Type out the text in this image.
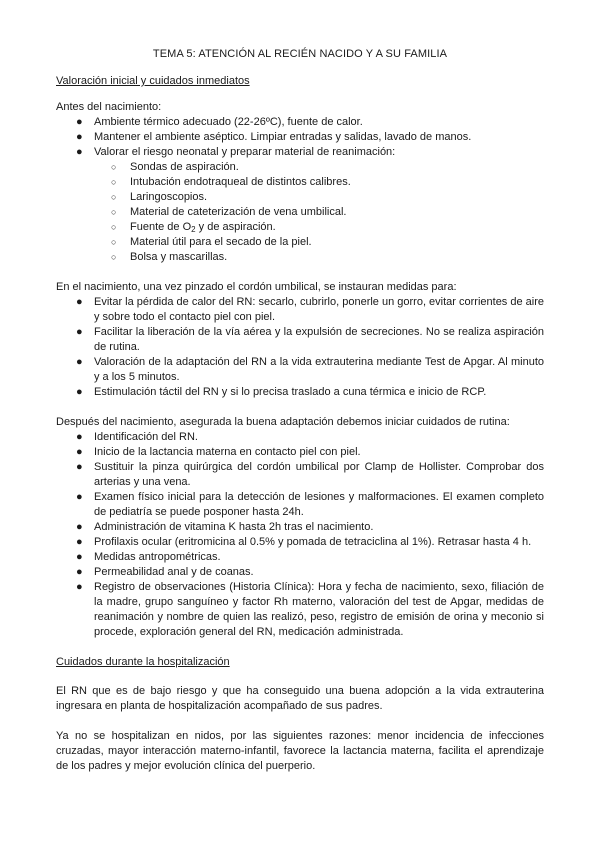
TEMA 5: ATENCIÓN AL RECIÉN NACIDO Y A SU FAMILIA
Valoración inicial y cuidados inmediatos
Antes del nacimiento:
● Ambiente térmico adecuado (22-26ºC), fuente de calor.
● Mantener el ambiente aséptico. Limpiar entradas y salidas, lavado de manos.
● Valorar el riesgo neonatal y preparar material de reanimación:
○ Sondas de aspiración.
○ Intubación endotraqueal de distintos calibres.
○ Laringoscopios.
○ Material de cateterización de vena umbilical.
○ Fuente de $O_2$ y de aspiración.
○ Material útil para el secado de la piel.
○ Bolsa y mascarillas.
En el nacimiento, una vez pinzado el cordón umbilical, se instauran medidas para:
● Evitar la pérdida de calor del RN: secarlo, cubrirlo, ponerle un gorro, evitar corrientes de aire y sobre todo el contacto piel con piel.
● Facilitar la liberación de la vía aérea y la expulsión de secreciones. No se realiza aspiración de rutina.
● Valoración de la adaptación del RN a la vida extrauterina mediante Test de Apgar. Al minuto y a los 5 minutos.
● Estimulación táctil del RN y si lo precisa traslado a cuna térmica e inicio de RCP.
Después del nacimiento, asegurada la buena adaptación debemos iniciar cuidados de rutina:
● Identificación del RN.
● Inicio de la lactancia materna en contacto piel con piel.
● Sustituir la pinza quirúrgica del cordón umbilical por Clamp de Hollister. Comprobar dos arterias y una vena.
● Examen físico inicial para la detección de lesiones y malformaciones. El examen completo de pediatría se puede posponer hasta 24h.
● Administración de vitamina K hasta 2h tras el nacimiento.
● Profilaxis ocular (eritromicina al 0.5% y pomada de tetraciclina al 1%). Retrasar hasta 4 h.
● Medidas antropométricas.
● Permeabilidad anal y de coanas.
● Registro de observaciones (Historia Clínica): Hora y fecha de nacimiento, sexo, filiación de la madre, grupo sanguíneo y factor Rh materno, valoración del test de Apgar, medidas de reanimación y nombre de quien las realizó, peso, registro de emisión de orina y meconio si procede, exploración general del RN, medicación administrada.
Cuidados durante la hospitalización
El RN que es de bajo riesgo y que ha conseguido una buena adopción a la vida extrauterina ingresara en planta de hospitalización acompañado de sus padres.
Ya no se hospitalizan en nidos, por las siguientes razones: menor incidencia de infecciones cruzadas, mayor interacción materno-infantil, favorece la lactancia materna, facilita el aprendizaje de los padres y mejor evolución clínica del puerperio.
